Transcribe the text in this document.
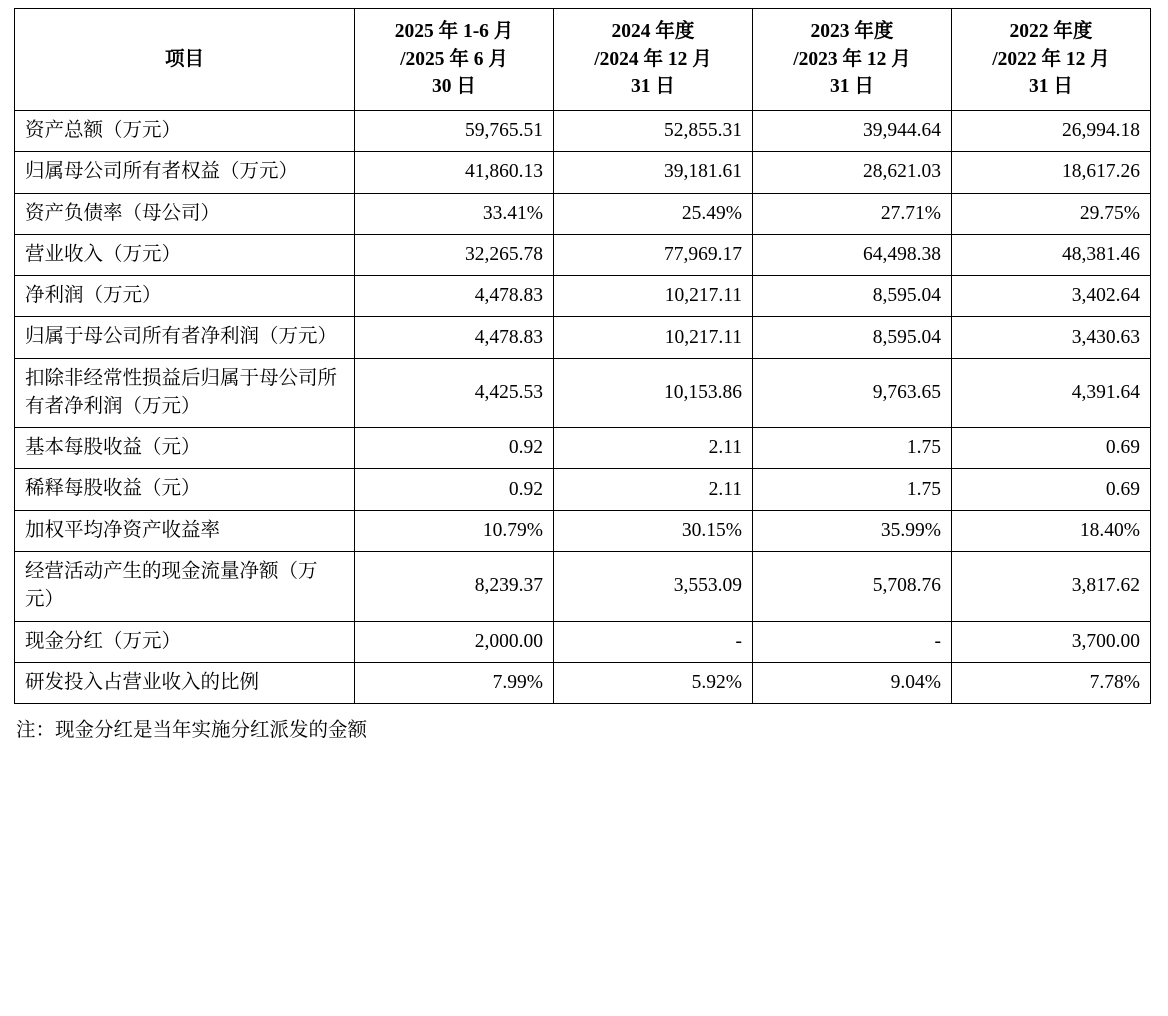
项目	2025 年 1-6 月
/2025 年 6 月
30 日	2024 年度
/2024 年 12 月
31 日	2023 年度
/2023 年 12 月
31 日	2022 年度
/2022 年 12 月
31 日
资产总额（万元）	59,765.51	52,855.31	39,944.64	26,994.18
归属母公司所有者权益（万元）	41,860.13	39,181.61	28,621.03	18,617.26
资产负债率（母公司）	33.41%	25.49%	27.71%	29.75%
营业收入（万元）	32,265.78	77,969.17	64,498.38	48,381.46
净利润（万元）	4,478.83	10,217.11	8,595.04	3,402.64
归属于母公司所有者净利润（万元）	4,478.83	10,217.11	8,595.04	3,430.63
扣除非经常性损益后归属于母公司所有者净利润（万元）	4,425.53	10,153.86	9,763.65	4,391.64
基本每股收益（元）	0.92	2.11	1.75	0.69
稀释每股收益（元）	0.92	2.11	1.75	0.69
加权平均净资产收益率	10.79%	30.15%	35.99%	18.40%
经营活动产生的现金流量净额（万元）	8,239.37	3,553.09	5,708.76	3,817.62
现金分红（万元）	2,000.00	-	-	3,700.00
研发投入占营业收入的比例	7.99%	5.92%	9.04%	7.78%
注：现金分红是当年实施分红派发的金额
